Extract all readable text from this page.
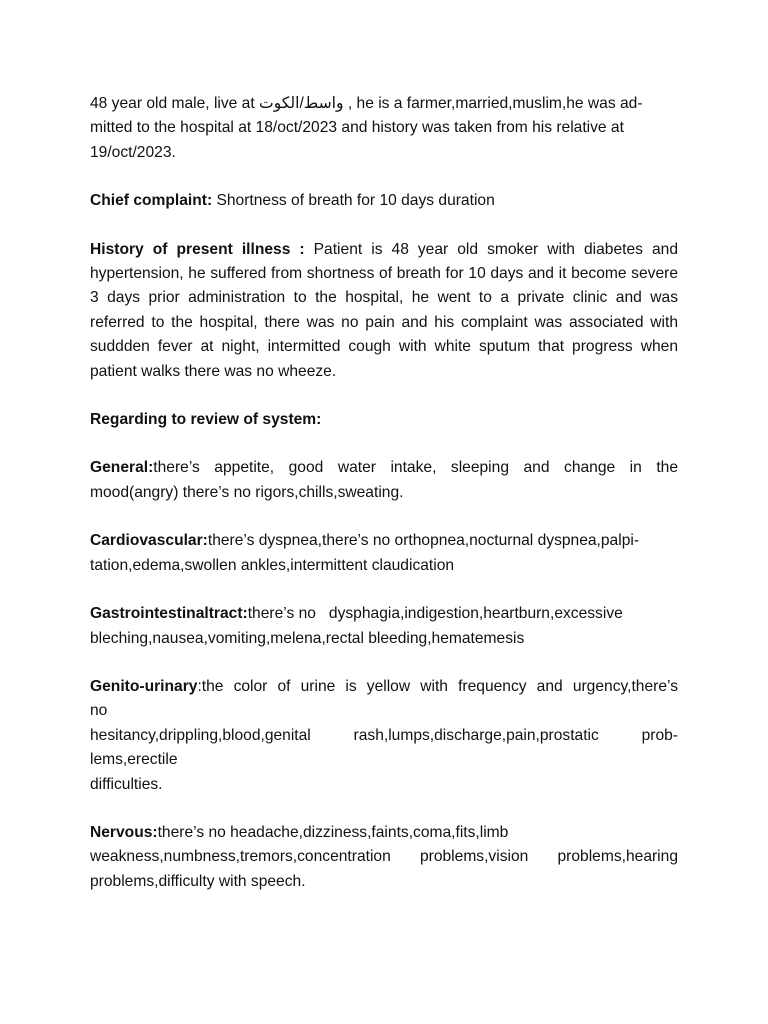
48 year old male, live at واسط/الكوت , he is a farmer,married,muslim,he was ad-
mitted to the hospital at 18/oct/2023 and history was taken from his relative at
19/oct/2023.

Chief complaint: Shortness of breath for 10 days duration

History of present illness : Patient is 48 year old smoker with diabetes and hypertension, he suffered from shortness of breath for 10 days and it become severe 3 days prior administration to the hospital, he went to a private clinic and was referred to the hospital, there was no pain and his complaint was associated with suddden fever at night, intermitted cough with white sputum that progress when patient walks there was no wheeze.

Regarding to review of system:

General:there’s appetite, good water intake, sleeping and change in the mood(angry) there’s no rigors,chills,sweating.

Cardiovascular:there’s dyspnea,there’s no orthopnea,nocturnal dyspnea,palpi-
tation,edema,swollen ankles,intermittent claudication

Gastrointestinaltract:there’s no   dysphagia,indigestion,heartburn,excessive
bleching,nausea,vomiting,melena,rectal bleeding,hematemesis

Genito-urinary:the color of urine is yellow with frequency and urgency,there’s
no
hesitancy,drippling,blood,genital rash,lumps,discharge,pain,prostatic prob-
lems,erectile
difficulties.

Nervous:there’s no headache,dizziness,faints,coma,fits,limb
weakness,numbness,tremors,concentration problems,vision problems,hearing
problems,difficulty with speech.
